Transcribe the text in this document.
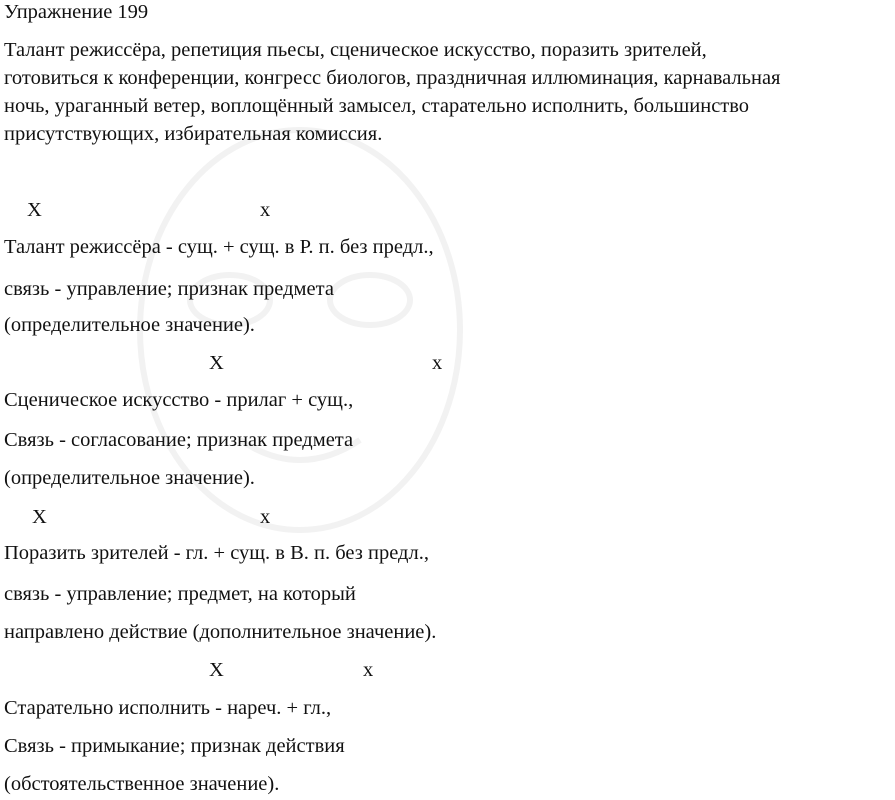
Упражнение 199
Талант режиссёра, репетиция пьесы, сценическое искусство, поразить зрителей,
готовиться к конференции, конгресс биологов, праздничная иллюминация, карнавальная
ночь, ураганный ветер, воплощённый замысел, старательно исполнить, большинство
присутствующих, избирательная комиссия.
X	x
Талант режиссёра - сущ. + сущ. в Р. п. без предл.,
связь - управление; признак предмета
(определительное значение).
X	x
Сценическое искусство - прилаг + сущ.,
Связь - согласование; признак предмета
(определительное значение).
X	x
Поразить зрителей - гл. + сущ. в В. п. без предл.,
связь - управление; предмет, на который
направлено действие (дополнительное значение).
X	x
Старательно исполнить - нареч. + гл.,
Связь - примыкание; признак действия
(обстоятельственное значение).
